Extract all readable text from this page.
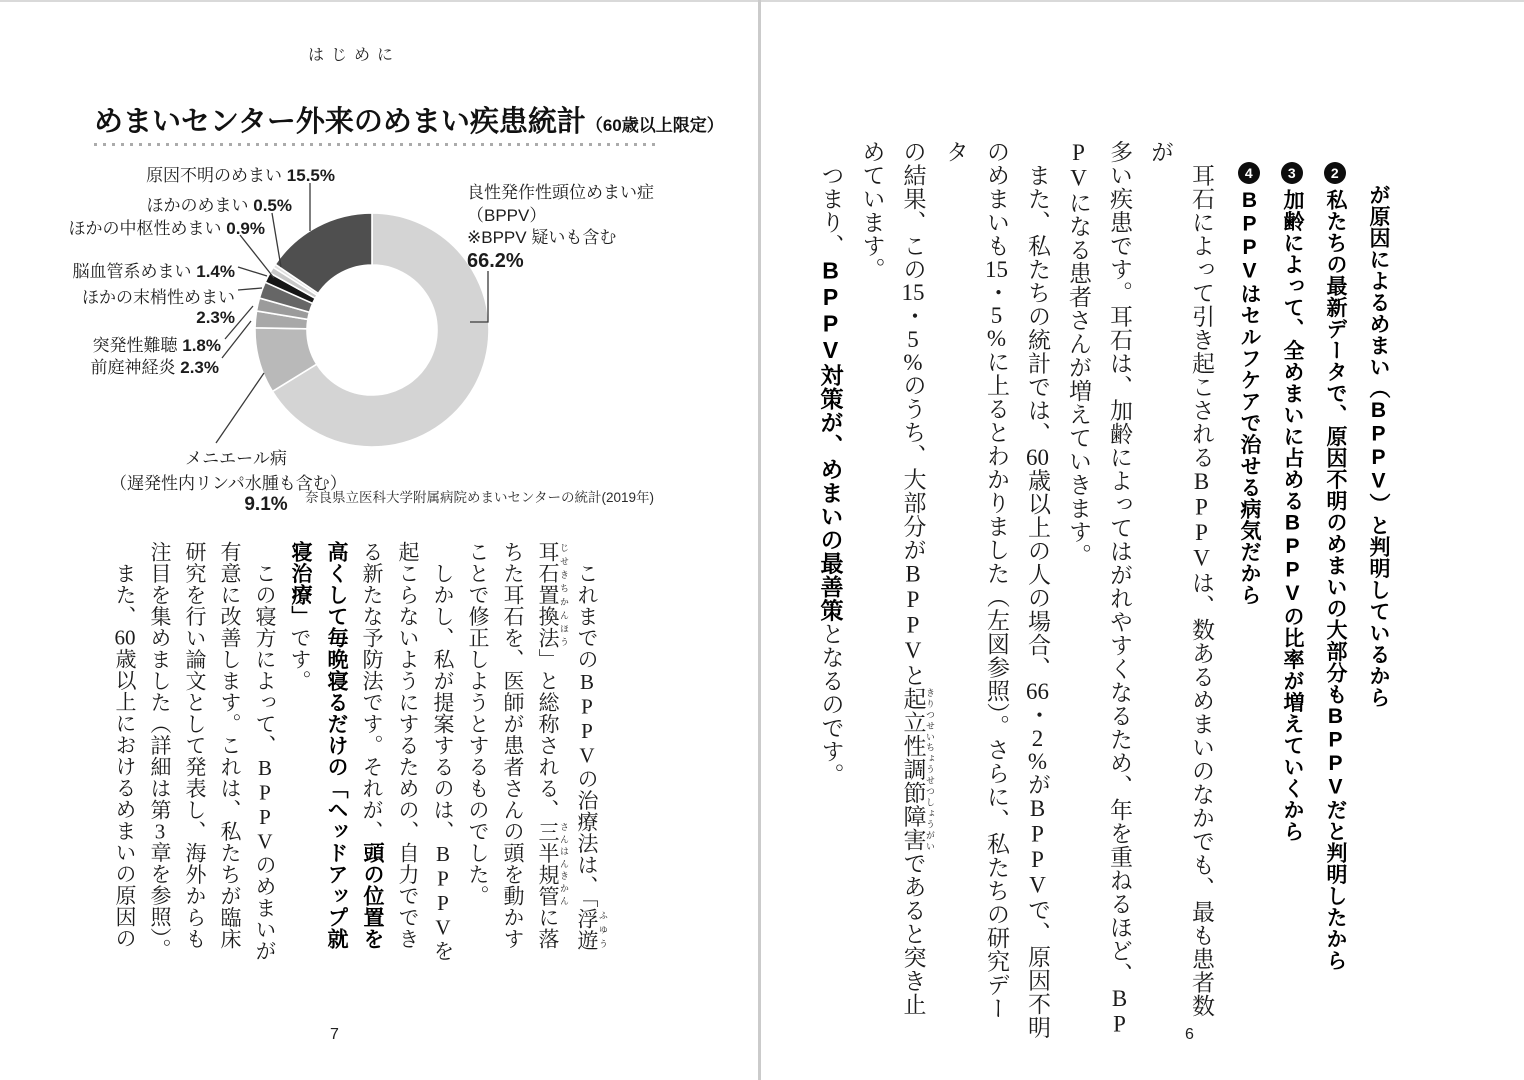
はじめに
めまいセンター外来のめまい疾患統計（60歳以上限定）
原因不明のめまい 15.5%
ほかのめまい 0.5%
ほかの中枢性めまい 0.9%
脳血管系めまい 1.4%
ほかの末梢性めまい
2.3%
突発性難聴 1.8%
前庭神経炎 2.3%
メニエール病
（遅発性内リンパ水腫も含む）
9.1%
良性発作性頭位めまい症
（BPPV）
※BPPV 疑いも含む
66.2%
奈良県立医科大学附属病院めまいセンターの統計(2019年)
　これまでのBPPVの治療法は、「浮遊 ふゆう
耳石置換法 じせきちかんほう」と総称される、三半規管 さんはんきかんに落
ちた耳石を、医師が患者さんの頭を動かす
ことで修正しようとするものでした。
　しかし、私が提案するのは、BPPVを
起こらないようにするための、自力ででき
る新たな予防法です。それが、頭の位置を
高くして毎晩寝るだけの「ヘッドアップ就
寝治療」です。
　この寝方によって、BPPVのめまいが
有意に改善します。これは、私たちが臨床
研究を行い論文として発表し、海外からも
注目を集めました（詳細は第3章を参照）。
　また、60歳以上におけるめまいの原因の
7
が原因によるめまい（BPPV）と判明しているから
2私たちの最新データで、原因不明のめまいの大部分もBPPVだと判明したから
3加齢によって、全めまいに占めるBPPVの比率が増えていくから
4BPPVはセルフケアで治せる病気だから
　耳石によって引き起こされるBPPVは、数あるめまいのなかでも、最も患者数が
多い疾患です。耳石は、加齢によってはがれやすくなるため、年を重ねるほど、BP
PVになる患者さんが増えていきます。
　また、私たちの統計では、60歳以上の人の場合、66・2%がBPPVで、原因不明
のめまいも15・5%に上るとわかりました（左図参照）。さらに、私たちの研究データ
の結果、この15・5%のうち、大部分がBPPVと起立性調節障害 きりつせいちょうせつしょうがいであると突き止
めています。
　つまり、BPPV対策が、めまいの最善策となるのです。
6
